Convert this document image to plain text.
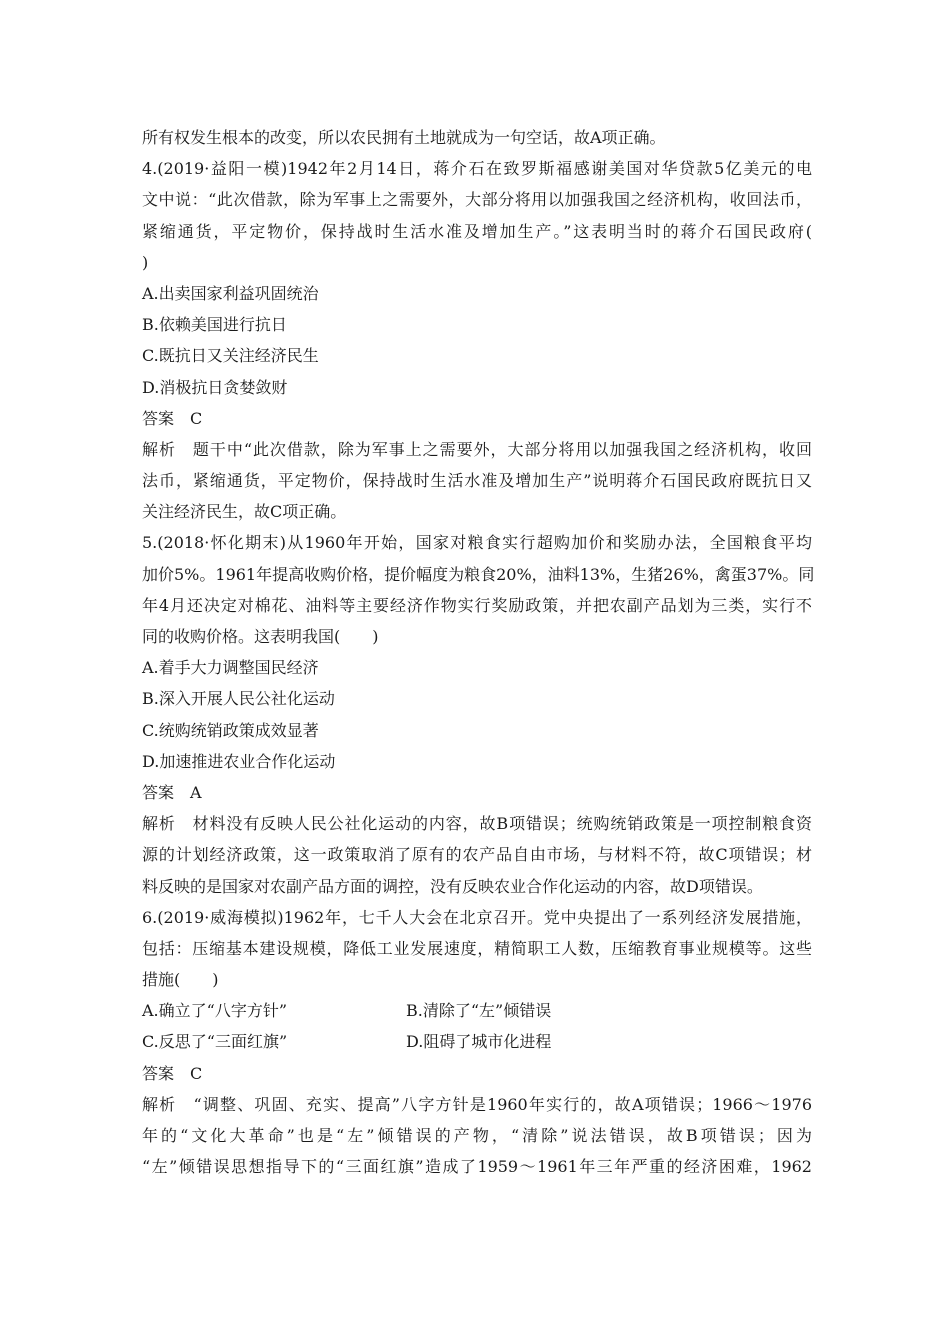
所有权发生根本的改变，所以农民拥有土地就成为一句空话，故A项正确。
4.(2019·益阳一模)1942年2月14日，蒋介石在致罗斯福感谢美国对华贷款5亿美元的电
文中说：“此次借款，除为军事上之需要外，大部分将用以加强我国之经济机构，收回法币，
紧缩通货，平定物价，保持战时生活水准及增加生产。”这表明当时的蒋介石国民政府(
)
A.出卖国家利益巩固统治
B.依赖美国进行抗日
C.既抗日又关注经济民生
D.消极抗日贪婪敛财
答案　C
解析　题干中“此次借款，除为军事上之需要外，大部分将用以加强我国之经济机构，收回
法币，紧缩通货，平定物价，保持战时生活水准及增加生产”说明蒋介石国民政府既抗日又
关注经济民生，故C项正确。
5.(2018·怀化期末)从1960年开始，国家对粮食实行超购加价和奖励办法，全国粮食平均
加价5%。1961年提高收购价格，提价幅度为粮食20%，油料13%，生猪26%，禽蛋37%。同
年4月还决定对棉花、油料等主要经济作物实行奖励政策，并把农副产品划为三类，实行不
同的收购价格。这表明我国(　　)
A.着手大力调整国民经济
B.深入开展人民公社化运动
C.统购统销政策成效显著
D.加速推进农业合作化运动
答案　A
解析　材料没有反映人民公社化运动的内容，故B项错误；统购统销政策是一项控制粮食资
源的计划经济政策，这一政策取消了原有的农产品自由市场，与材料不符，故C项错误；材
料反映的是国家对农副产品方面的调控，没有反映农业合作化运动的内容，故D项错误。
6.(2019·威海模拟)1962年，七千人大会在北京召开。党中央提出了一系列经济发展措施，
包括：压缩基本建设规模，降低工业发展速度，精简职工人数，压缩教育事业规模等。这些
措施(　　)
A.确立了“八字方针”	B.清除了“左”倾错误
C.反思了“三面红旗”	D.阻碍了城市化进程
答案　C
解析　“调整、巩固、充实、提高”八字方针是1960年实行的，故A项错误；1966～1976
年的“文化大革命”也是“左”倾错误的产物，“清除”说法错误，故B项错误；因为
“左”倾错误思想指导下的“三面红旗”造成了1959～1961年三年严重的经济困难，1962
